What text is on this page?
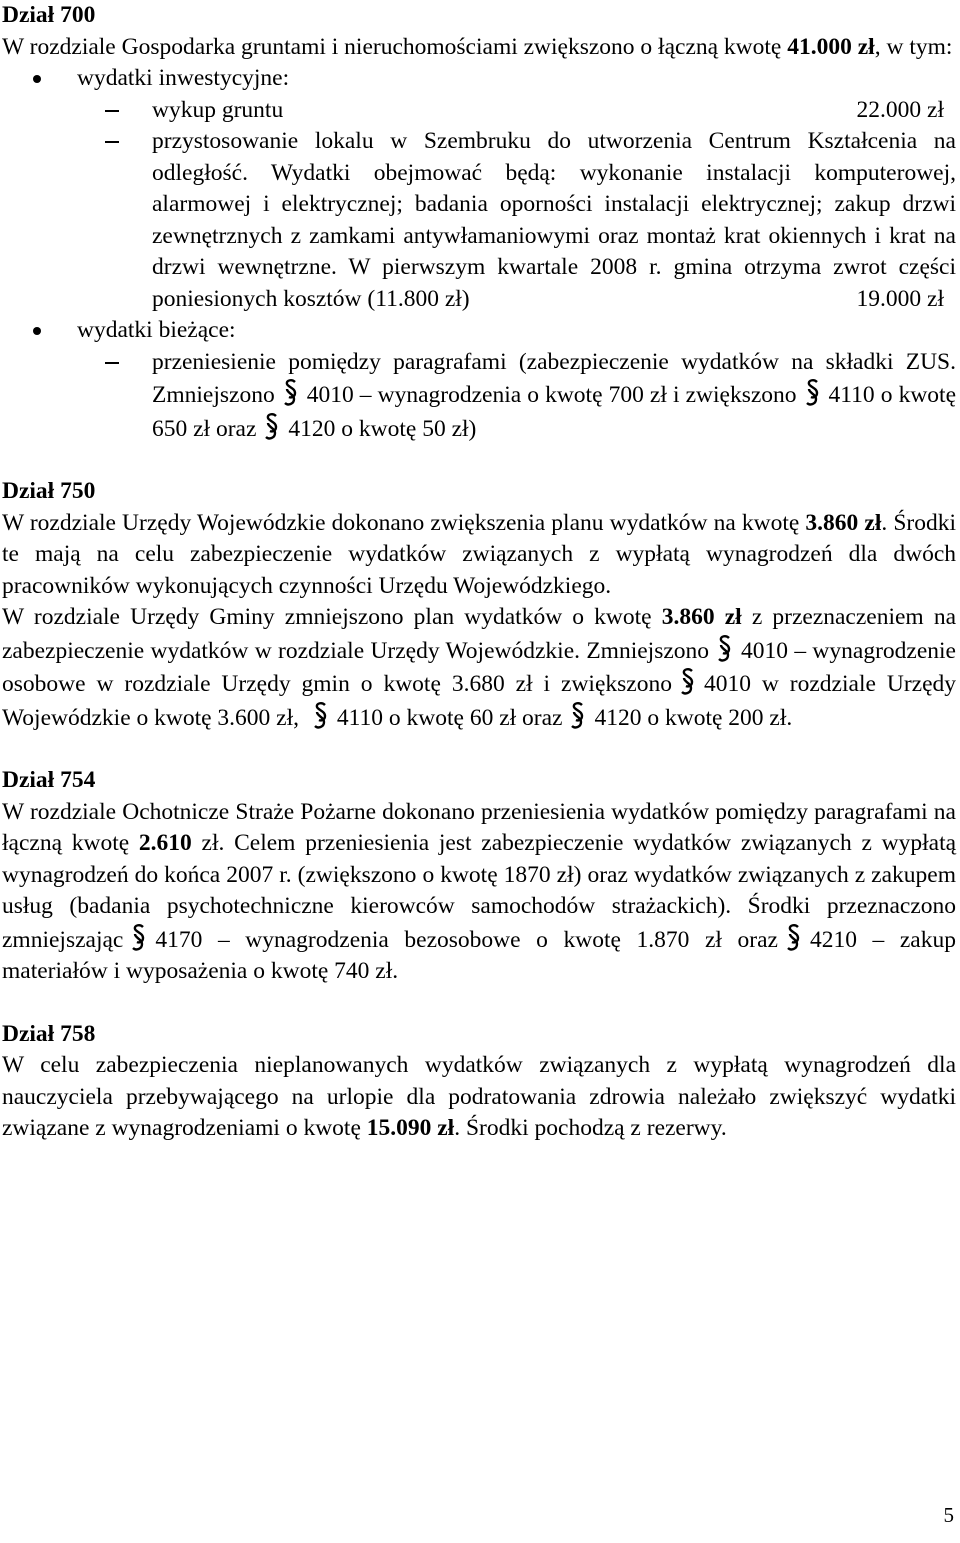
Dział 700

W rozdziale Gospodarka gruntami i nieruchomościami zwiększono o łączną kwotę 41.000 zł, w tym:

wydatki inwestycyjne:
wykup gruntu	22.000 zł
przystosowanie lokalu w Szembruku do utworzenia Centrum Kształcenia na odległość. Wydatki obejmować będą: wykonanie instalacji komputerowej, alarmowej i elektrycznej; badania oporności instalacji elektrycznej; zakup drzwi zewnętrznych z zamkami antywłamaniowymi oraz montaż krat okiennych i krat na drzwi wewnętrzne. W pierwszym kwartale 2008 r. gmina otrzyma zwrot części
poniesionych kosztów (11.800 zł)	19.000 zł
wydatki bieżące:
przeniesienie pomiędzy paragrafami (zabezpieczenie wydatków na składki ZUS. Zmniejszono 4010 – wynagrodzenia o kwotę 700 zł i zwiększono 4110 o kwotę 650 zł oraz 4120 o kwotę 50 zł)
Dział 750

W rozdziale Urzędy Wojewódzkie dokonano zwiększenia planu wydatków na kwotę 3.860 zł. Środki te mają na celu zabezpieczenie wydatków związanych z wypłatą wynagrodzeń dla dwóch pracowników wykonujących czynności Urzędu Wojewódzkiego.

W rozdziale Urzędy Gminy zmniejszono plan wydatków o kwotę 3.860 zł z przeznaczeniem na zabezpieczenie wydatków w rozdziale Urzędy Wojewódzkie. Zmniejszono 4010 – wynagrodzenie osobowe w rozdziale Urzędy gmin o kwotę 3.680 zł i zwiększono 4010 w rozdziale Urzędy Wojewódzkie o kwotę 3.600 zł, 4110 o kwotę 60 zł oraz 4120 o kwotę 200 zł.

Dział 754

W rozdziale Ochotnicze Straże Pożarne dokonano przeniesienia wydatków pomiędzy paragrafami na łączną kwotę 2.610 zł. Celem przeniesienia jest zabezpieczenie wydatków związanych z wypłatą wynagrodzeń do końca 2007 r. (zwiększono o kwotę 1870 zł) oraz wydatków związanych z zakupem usług (badania psychotechniczne kierowców samochodów strażackich). Środki przeznaczono zmniejszając 4170 – wynagrodzenia bezosobowe o kwotę 1.870 zł oraz 4210 – zakup materiałów i wyposażenia o kwotę 740 zł.

Dział 758

W celu zabezpieczenia nieplanowanych wydatków związanych z wypłatą wynagrodzeń dla nauczyciela przebywającego na urlopie dla podratowania zdrowia należało zwiększyć wydatki związane z wynagrodzeniami o kwotę 15.090 zł. Środki pochodzą z rezerwy.

5
